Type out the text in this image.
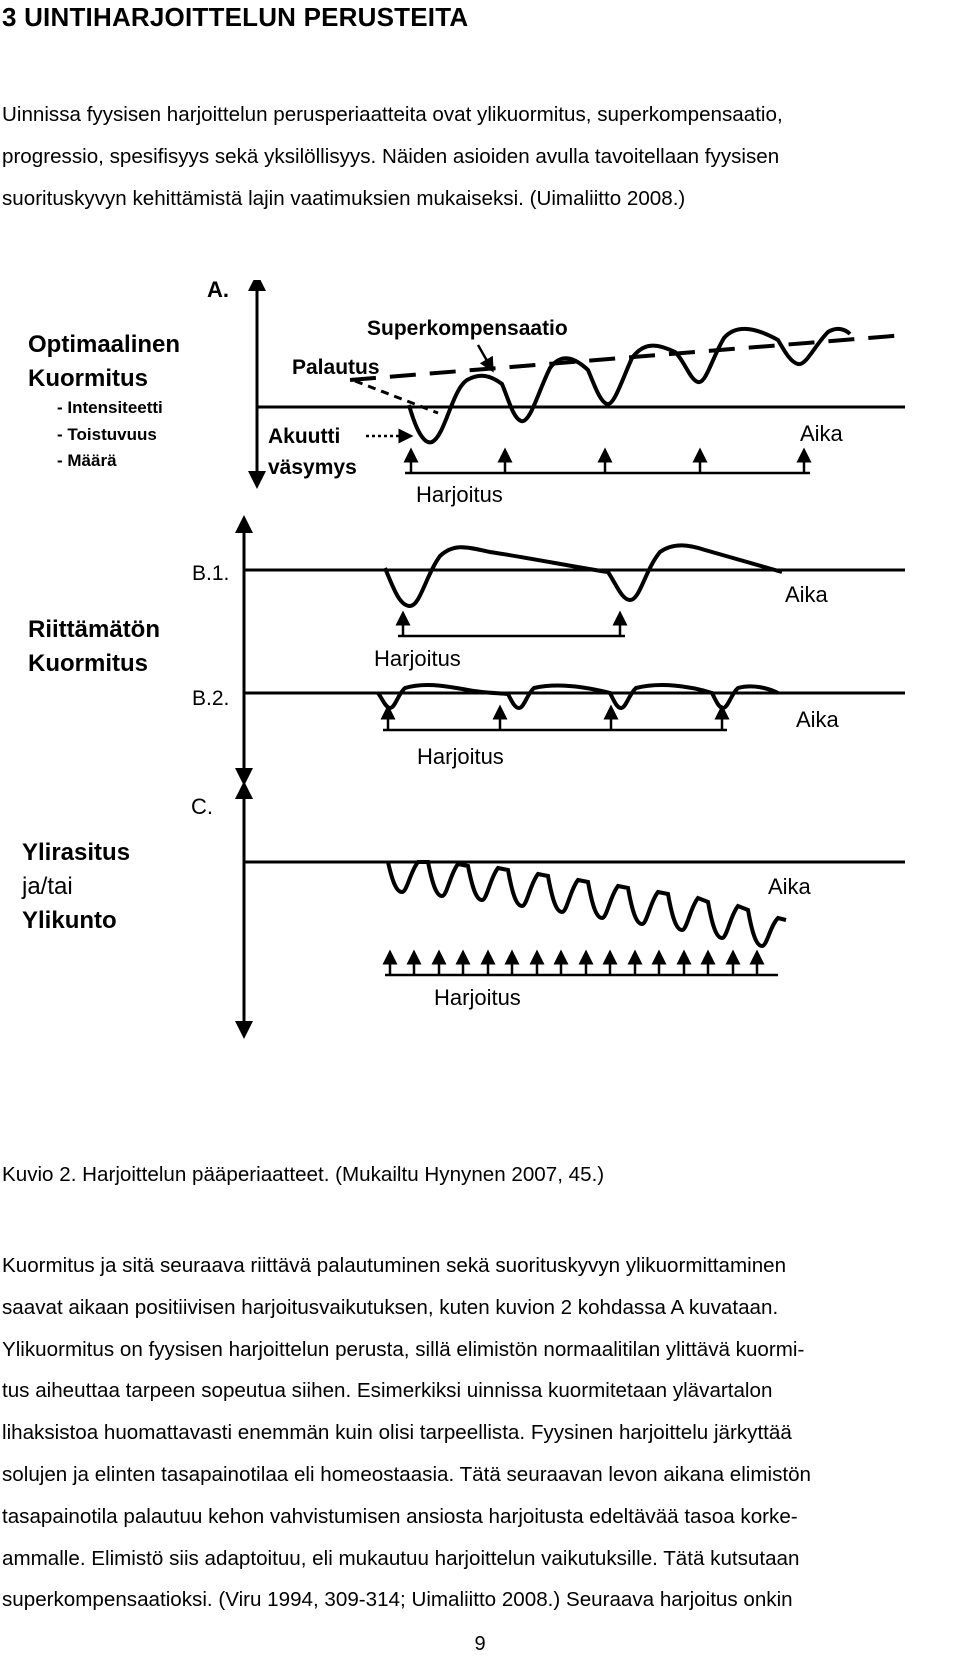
3 UINTIHARJOITTELUN PERUSTEITA

Uinnissa fyysisen harjoittelun perusperiaatteita ovat ylikuormitus, superkompensaatio,
progressio, spesifisyys sekä yksilöllisyys. Näiden asioiden avulla tavoitellaan fyysisen
suorituskyvyn kehittämistä lajin vaatimuksien mukaiseksi. (Uimaliitto 2008.)

A.
Optimaalinen
Kuormitus
- Intensiteetti
- Toistuvuus
- Määrä
Superkompensaatio
Palautus
Akuutti
väsymys
Aika
Harjoitus
B.1.
B.2.
Riittämätön
Kuormitus
Aika
Harjoitus
Aika
Harjoitus
C.
Ylirasitus
ja/tai
Ylikunto
Aika
Harjoitus

Kuvio 2. Harjoittelun pääperiaatteet. (Mukailtu Hynynen 2007, 45.)

Kuormitus ja sitä seuraava riittävä palautuminen sekä suorituskyvyn ylikuormittaminen
saavat aikaan positiivisen harjoitusvaikutuksen, kuten kuvion 2 kohdassa A kuvataan.
Ylikuormitus on fyysisen harjoittelun perusta, sillä elimistön normaalitilan ylittävä kuormi-
tus aiheuttaa tarpeen sopeutua siihen. Esimerkiksi uinnissa kuormitetaan ylävartalon
lihaksistoa huomattavasti enemmän kuin olisi tarpeellista. Fyysinen harjoittelu järkyttää
solujen ja elinten tasapainotilaa eli homeostaasia. Tätä seuraavan levon aikana elimistön
tasapainotila palautuu kehon vahvistumisen ansiosta harjoitusta edeltävää tasoa korke-
ammalle. Elimistö siis adaptoituu, eli mukautuu harjoittelun vaikutuksille. Tätä kutsutaan
superkompensaatioksi. (Viru 1994, 309-314; Uimaliitto 2008.) Seuraava harjoitus onkin

9
